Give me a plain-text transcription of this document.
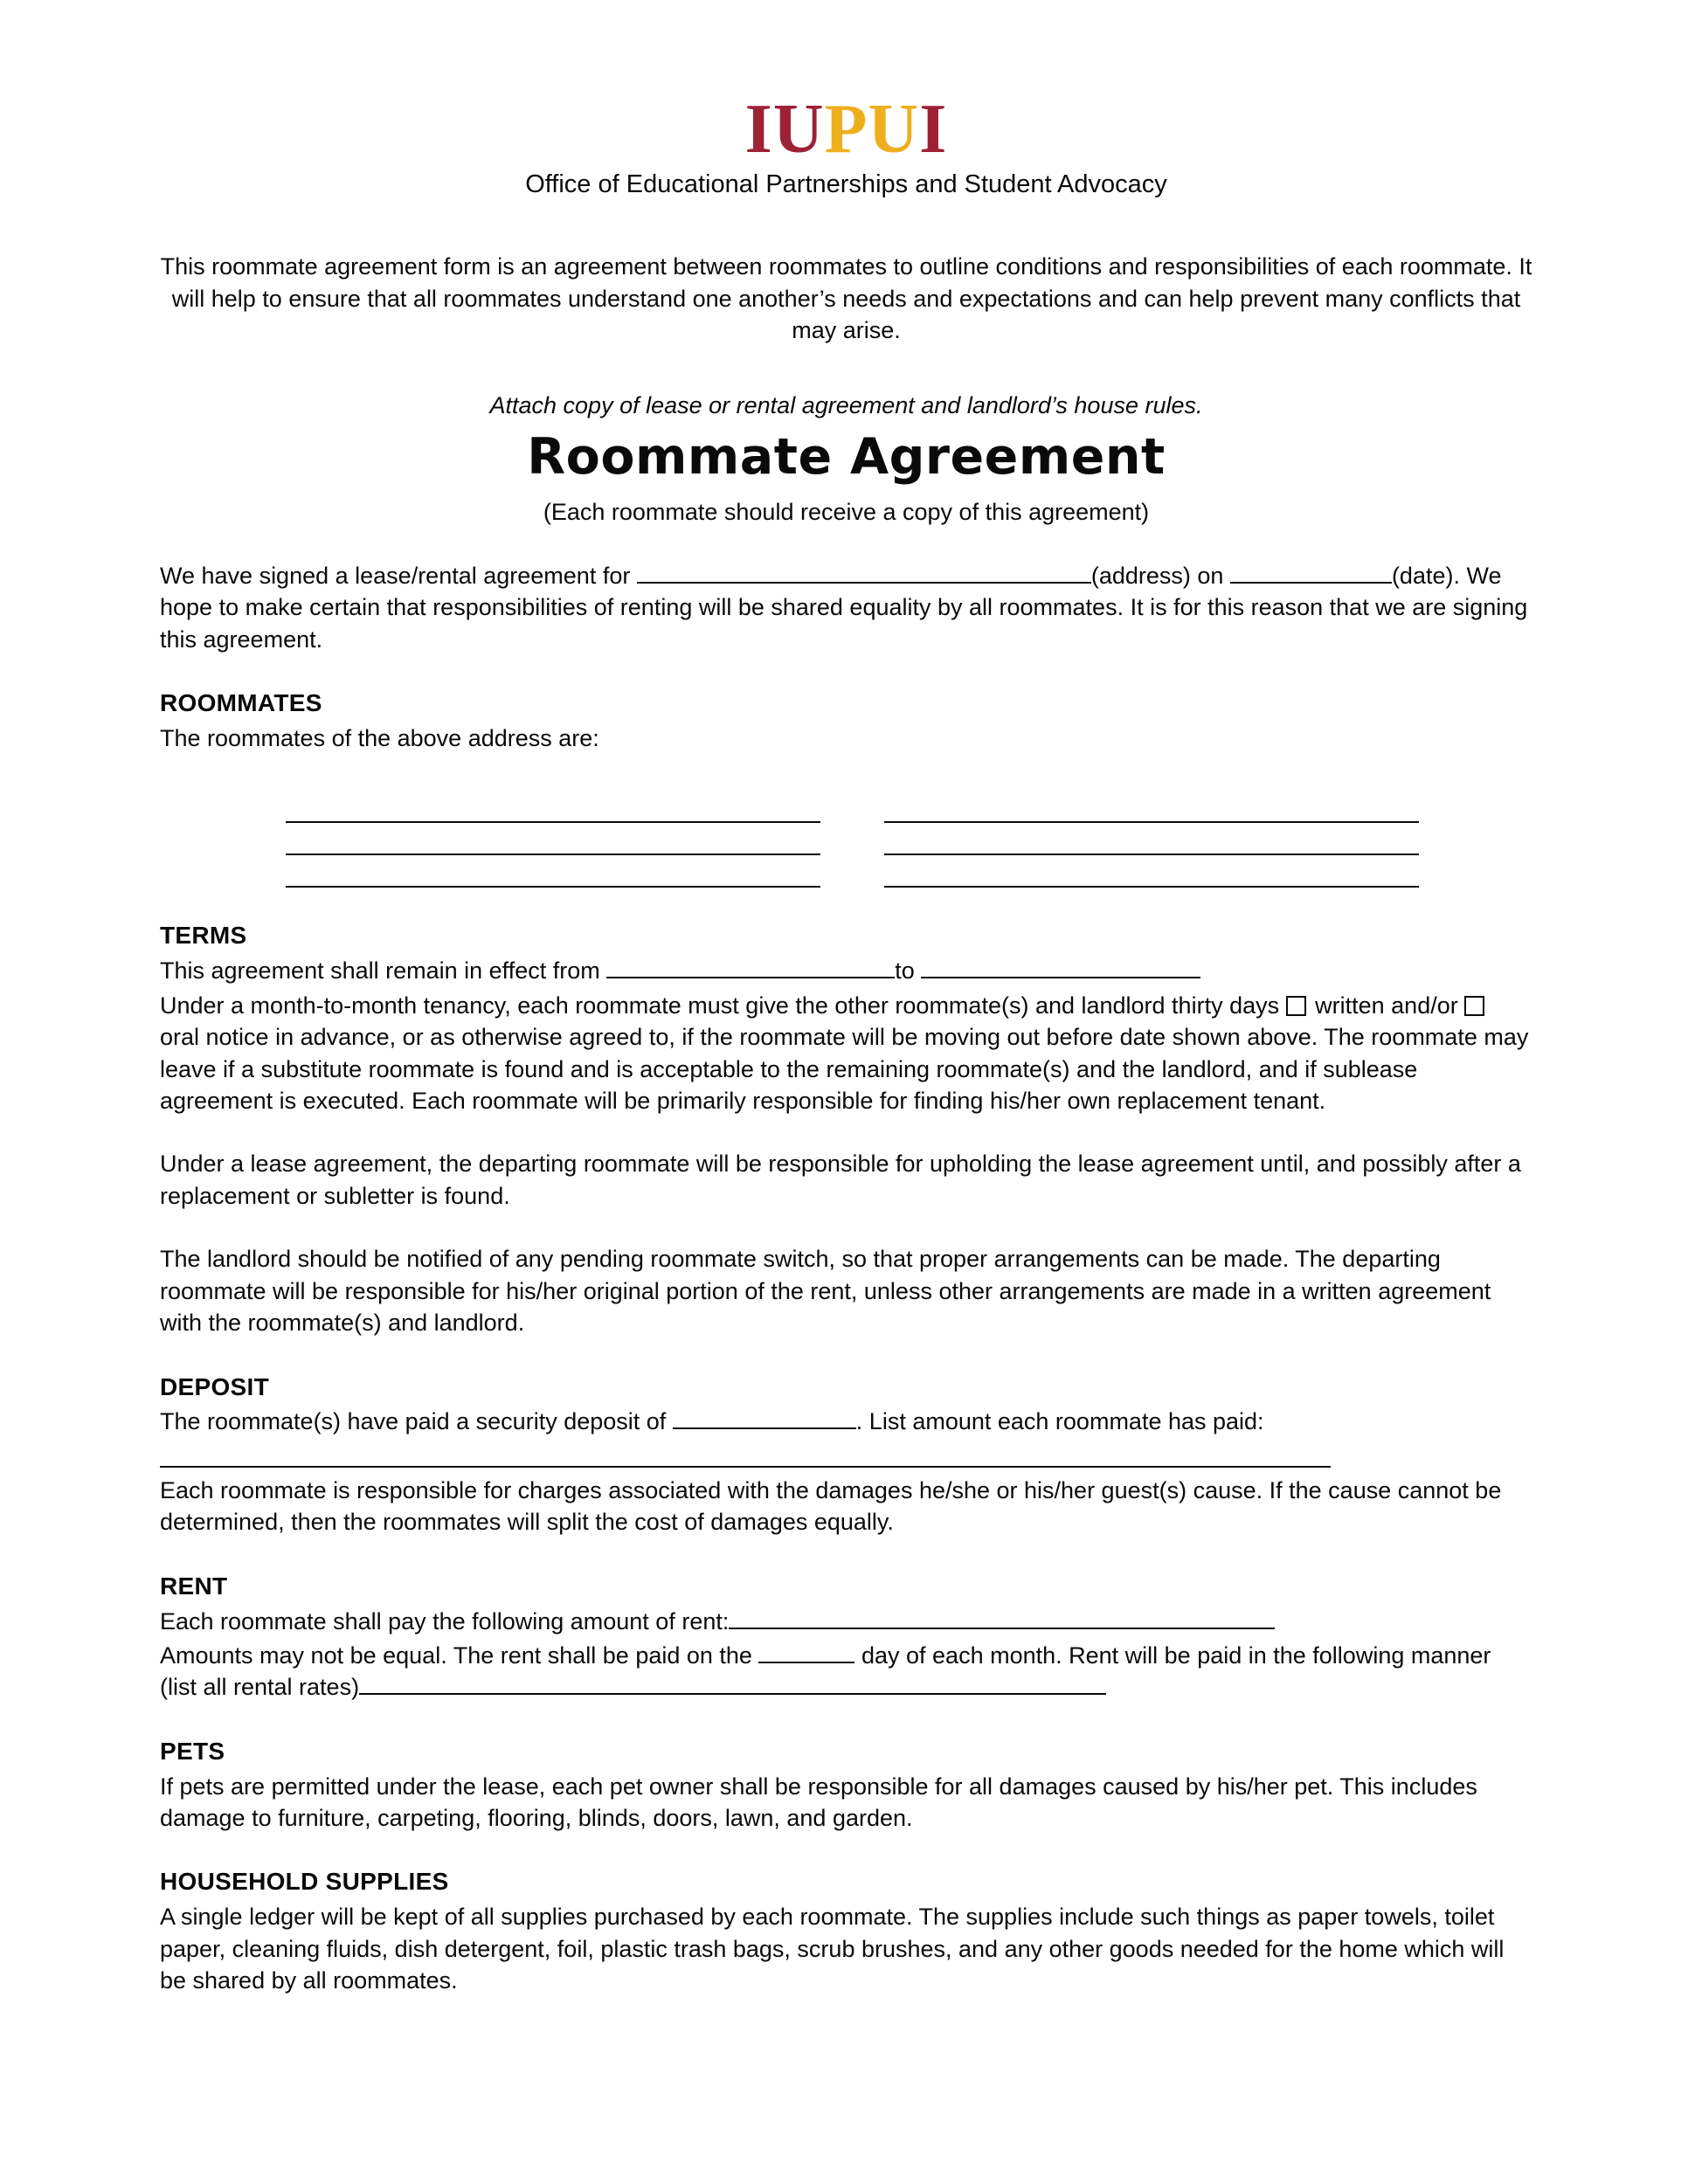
IUPUI
Office of Educational Partnerships and Student Advocacy

This roommate agreement form is an agreement between roommates to outline conditions and responsibilities of each roommate. It will help to ensure that all roommates understand one another’s needs and expectations and can help prevent many conflicts that may arise.

Attach copy of lease or rental agreement and landlord’s house rules.

Roommate Agreement

(Each roommate should receive a copy of this agreement)

We have signed a lease/rental agreement for	(address) on	(date). We hope to make certain that responsibilities of renting will be shared equality by all roommates. It is for this reason that we are signing this agreement.

ROOMMATES

The roommates of the above address are:

TERMS

This agreement shall remain in effect from	to

Under a month-to-month tenancy, each roommate must give the other roommate(s) and landlord thirty days written and/or  oral notice in advance, or as otherwise agreed to, if the roommate will be moving out before date shown above. The roommate may leave if a substitute roommate is found and is acceptable to the remaining roommate(s) and the landlord, and if sublease agreement is executed. Each roommate will be primarily responsible for finding his/her own replacement tenant.

Under a lease agreement, the departing roommate will be responsible for upholding the lease agreement until, and possibly after a replacement or subletter is found.

The landlord should be notified of any pending roommate switch, so that proper arrangements can be made. The departing roommate will be responsible for his/her original portion of the rent, unless other arrangements are made in a written agreement with the roommate(s) and landlord.

DEPOSIT

The roommate(s) have paid a security deposit of	. List amount each roommate has paid:

Each roommate is responsible for charges associated with the damages he/she or his/her guest(s) cause. If the cause cannot be determined, then the roommates will split the cost of damages equally.

RENT

Each roommate shall pay the following amount of rent:

Amounts may not be equal. The rent shall be paid on the	day of each month. Rent will be paid in the following manner (list all rental rates)

PETS

If pets are permitted under the lease, each pet owner shall be responsible for all damages caused by his/her pet. This includes damage to furniture, carpeting, flooring, blinds, doors, lawn, and garden.

HOUSEHOLD SUPPLIES

A single ledger will be kept of all supplies purchased by each roommate. The supplies include such things as paper towels, toilet paper, cleaning fluids, dish detergent, foil, plastic trash bags, scrub brushes, and any other goods needed for the home which will be shared by all roommates.
